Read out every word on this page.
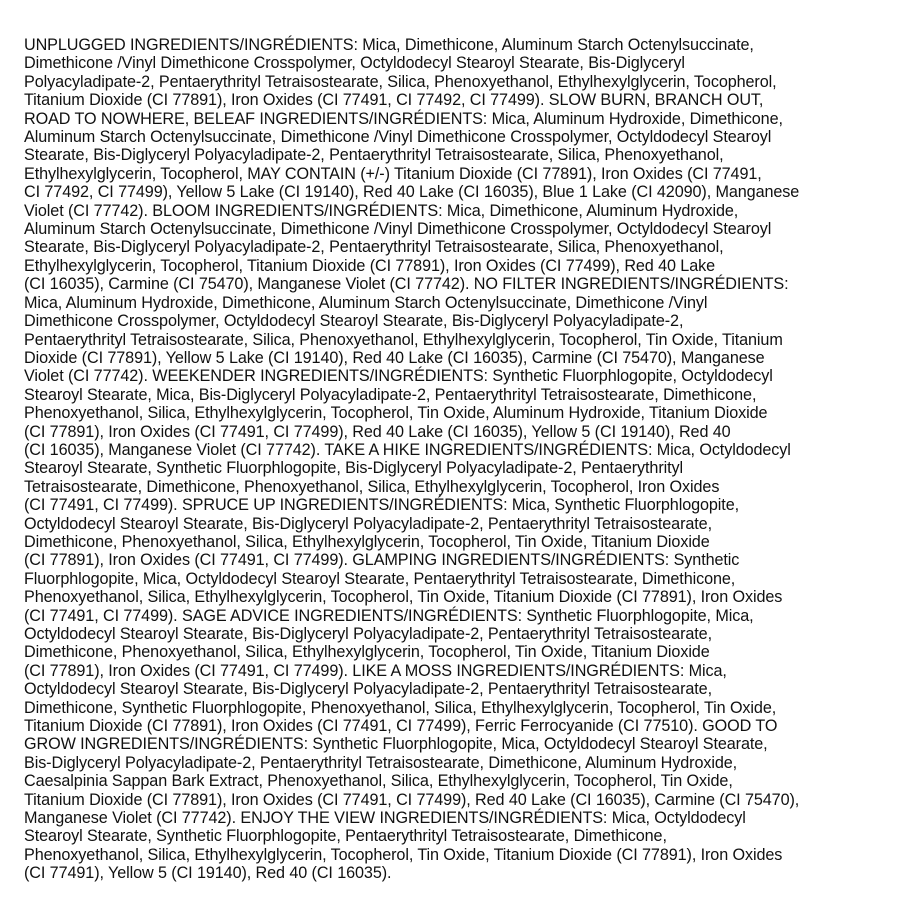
UNPLUGGED INGREDIENTS/INGRÉDIENTS: Mica, Dimethicone, Aluminum Starch Octenylsuccinate,
Dimethicone /Vinyl Dimethicone Crosspolymer, Octyldodecyl Stearoyl Stearate, Bis-Diglyceryl
Polyacyladipate-2, Pentaerythrityl Tetraisostearate, Silica, Phenoxyethanol, Ethylhexylglycerin, Tocopherol,
Titanium Dioxide (CI 77891), Iron Oxides (CI 77491, CI 77492, CI 77499). SLOW BURN, BRANCH OUT,
ROAD TO NOWHERE, BELEAF INGREDIENTS/INGRÉDIENTS: Mica, Aluminum Hydroxide, Dimethicone,
Aluminum Starch Octenylsuccinate, Dimethicone /Vinyl Dimethicone Crosspolymer, Octyldodecyl Stearoyl
Stearate, Bis-Diglyceryl Polyacyladipate-2, Pentaerythrityl Tetraisostearate, Silica, Phenoxyethanol,
Ethylhexylglycerin, Tocopherol, MAY CONTAIN (+/-) Titanium Dioxide (CI 77891), Iron Oxides (CI 77491,
CI 77492, CI 77499), Yellow 5 Lake (CI 19140), Red 40 Lake (CI 16035), Blue 1 Lake (CI 42090), Manganese
Violet (CI 77742). BLOOM INGREDIENTS/INGRÉDIENTS: Mica, Dimethicone, Aluminum Hydroxide,
Aluminum Starch Octenylsuccinate, Dimethicone /Vinyl Dimethicone Crosspolymer, Octyldodecyl Stearoyl
Stearate, Bis-Diglyceryl Polyacyladipate-2, Pentaerythrityl Tetraisostearate, Silica, Phenoxyethanol,
Ethylhexylglycerin, Tocopherol, Titanium Dioxide (CI 77891), Iron Oxides (CI 77499), Red 40 Lake
(CI 16035), Carmine (CI 75470), Manganese Violet (CI 77742). NO FILTER INGREDIENTS/INGRÉDIENTS:
Mica, Aluminum Hydroxide, Dimethicone, Aluminum Starch Octenylsuccinate, Dimethicone /Vinyl
Dimethicone Crosspolymer, Octyldodecyl Stearoyl Stearate, Bis-Diglyceryl Polyacyladipate-2,
Pentaerythrityl Tetraisostearate, Silica, Phenoxyethanol, Ethylhexylglycerin, Tocopherol, Tin Oxide, Titanium
Dioxide (CI 77891), Yellow 5 Lake (CI 19140), Red 40 Lake (CI 16035), Carmine (CI 75470), Manganese
Violet (CI 77742). WEEKENDER INGREDIENTS/INGRÉDIENTS: Synthetic Fluorphlogopite, Octyldodecyl
Stearoyl Stearate, Mica, Bis-Diglyceryl Polyacyladipate-2, Pentaerythrityl Tetraisostearate, Dimethicone,
Phenoxyethanol, Silica, Ethylhexylglycerin, Tocopherol, Tin Oxide, Aluminum Hydroxide, Titanium Dioxide
(CI 77891), Iron Oxides (CI 77491, CI 77499), Red 40 Lake (CI 16035), Yellow 5 (CI 19140), Red 40
(CI 16035), Manganese Violet (CI 77742). TAKE A HIKE INGREDIENTS/INGRÉDIENTS: Mica, Octyldodecyl
Stearoyl Stearate, Synthetic Fluorphlogopite, Bis-Diglyceryl Polyacyladipate-2, Pentaerythrityl
Tetraisostearate, Dimethicone, Phenoxyethanol, Silica, Ethylhexylglycerin, Tocopherol, Iron Oxides
(CI 77491, CI 77499). SPRUCE UP INGREDIENTS/INGRÉDIENTS: Mica, Synthetic Fluorphlogopite,
Octyldodecyl Stearoyl Stearate, Bis-Diglyceryl Polyacyladipate-2, Pentaerythrityl Tetraisostearate,
Dimethicone, Phenoxyethanol, Silica, Ethylhexylglycerin, Tocopherol, Tin Oxide, Titanium Dioxide
(CI 77891), Iron Oxides (CI 77491, CI 77499). GLAMPING INGREDIENTS/INGRÉDIENTS: Synthetic
Fluorphlogopite, Mica, Octyldodecyl Stearoyl Stearate, Pentaerythrityl Tetraisostearate, Dimethicone,
Phenoxyethanol, Silica, Ethylhexylglycerin, Tocopherol, Tin Oxide, Titanium Dioxide (CI 77891), Iron Oxides
(CI 77491, CI 77499). SAGE ADVICE INGREDIENTS/INGRÉDIENTS: Synthetic Fluorphlogopite, Mica,
Octyldodecyl Stearoyl Stearate, Bis-Diglyceryl Polyacyladipate-2, Pentaerythrityl Tetraisostearate,
Dimethicone, Phenoxyethanol, Silica, Ethylhexylglycerin, Tocopherol, Tin Oxide, Titanium Dioxide
(CI 77891), Iron Oxides (CI 77491, CI 77499). LIKE A MOSS INGREDIENTS/INGRÉDIENTS: Mica,
Octyldodecyl Stearoyl Stearate, Bis-Diglyceryl Polyacyladipate-2, Pentaerythrityl Tetraisostearate,
Dimethicone, Synthetic Fluorphlogopite, Phenoxyethanol, Silica, Ethylhexylglycerin, Tocopherol, Tin Oxide,
Titanium Dioxide (CI 77891), Iron Oxides (CI 77491, CI 77499), Ferric Ferrocyanide (CI 77510). GOOD TO
GROW INGREDIENTS/INGRÉDIENTS: Synthetic Fluorphlogopite, Mica, Octyldodecyl Stearoyl Stearate,
Bis-Diglyceryl Polyacyladipate-2, Pentaerythrityl Tetraisostearate, Dimethicone, Aluminum Hydroxide,
Caesalpinia Sappan Bark Extract, Phenoxyethanol, Silica, Ethylhexylglycerin, Tocopherol, Tin Oxide,
Titanium Dioxide (CI 77891), Iron Oxides (CI 77491, CI 77499), Red 40 Lake (CI 16035), Carmine (CI 75470),
Manganese Violet (CI 77742). ENJOY THE VIEW INGREDIENTS/INGRÉDIENTS: Mica, Octyldodecyl
Stearoyl Stearate, Synthetic Fluorphlogopite, Pentaerythrityl Tetraisostearate, Dimethicone,
Phenoxyethanol, Silica, Ethylhexylglycerin, Tocopherol, Tin Oxide, Titanium Dioxide (CI 77891), Iron Oxides
(CI 77491), Yellow 5 (CI 19140), Red 40 (CI 16035).
